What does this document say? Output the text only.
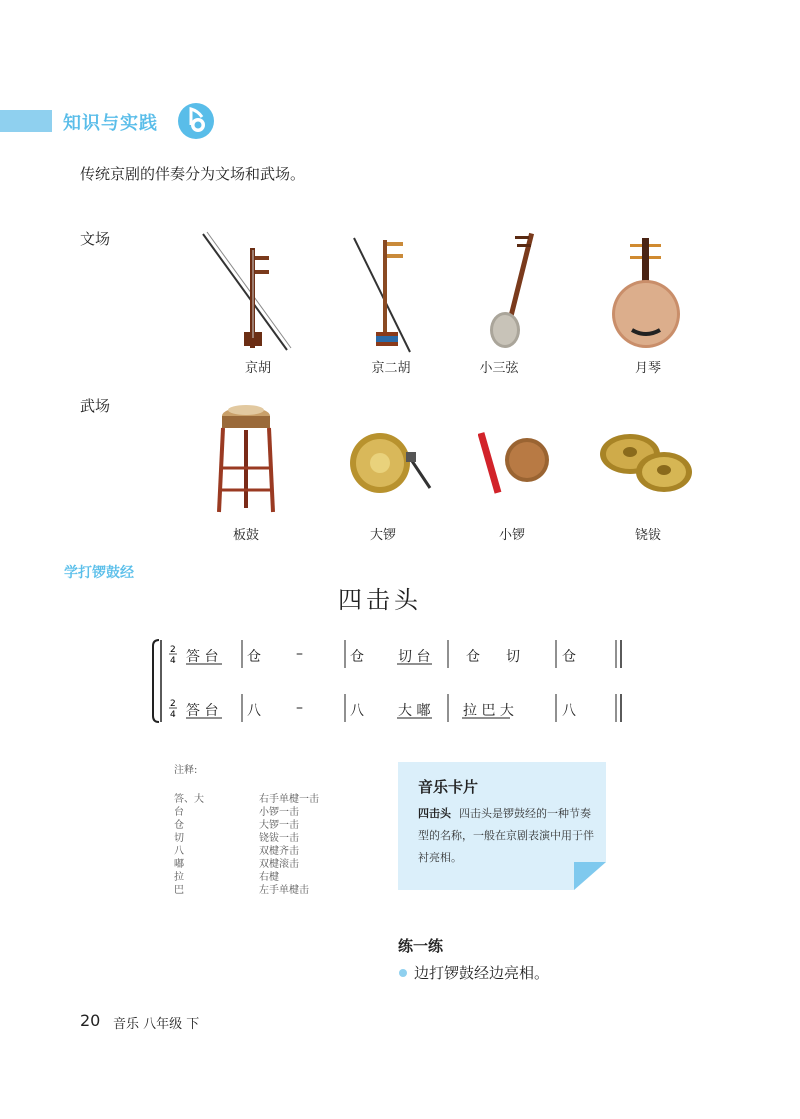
知识与实践
传统京剧的伴奏分为文场和武场。
文场
京胡	京二胡	小三弦	月琴
武场
板鼓	大锣	小锣	铙钹
学打锣鼓经
四击头
2
4
2
4
答 台 仓	–	仓 切 台	仓 切	仓
答 台 八	–	八 大 嘟 拉 巴 大	八
注释:
答、大	右手单楗一击
台	小锣一击
仓	大锣一击
切	铙钹一击
八	双楗齐击
嘟	双楗滚击
拉	右楗
巴	左手单楗击
音乐卡片
四击头 四击头是锣鼓经的一种节奏型的名称，一般在京剧表演中用于伴衬亮相。
练一练
边打锣鼓经边亮相。
20 音乐 八年级 下
